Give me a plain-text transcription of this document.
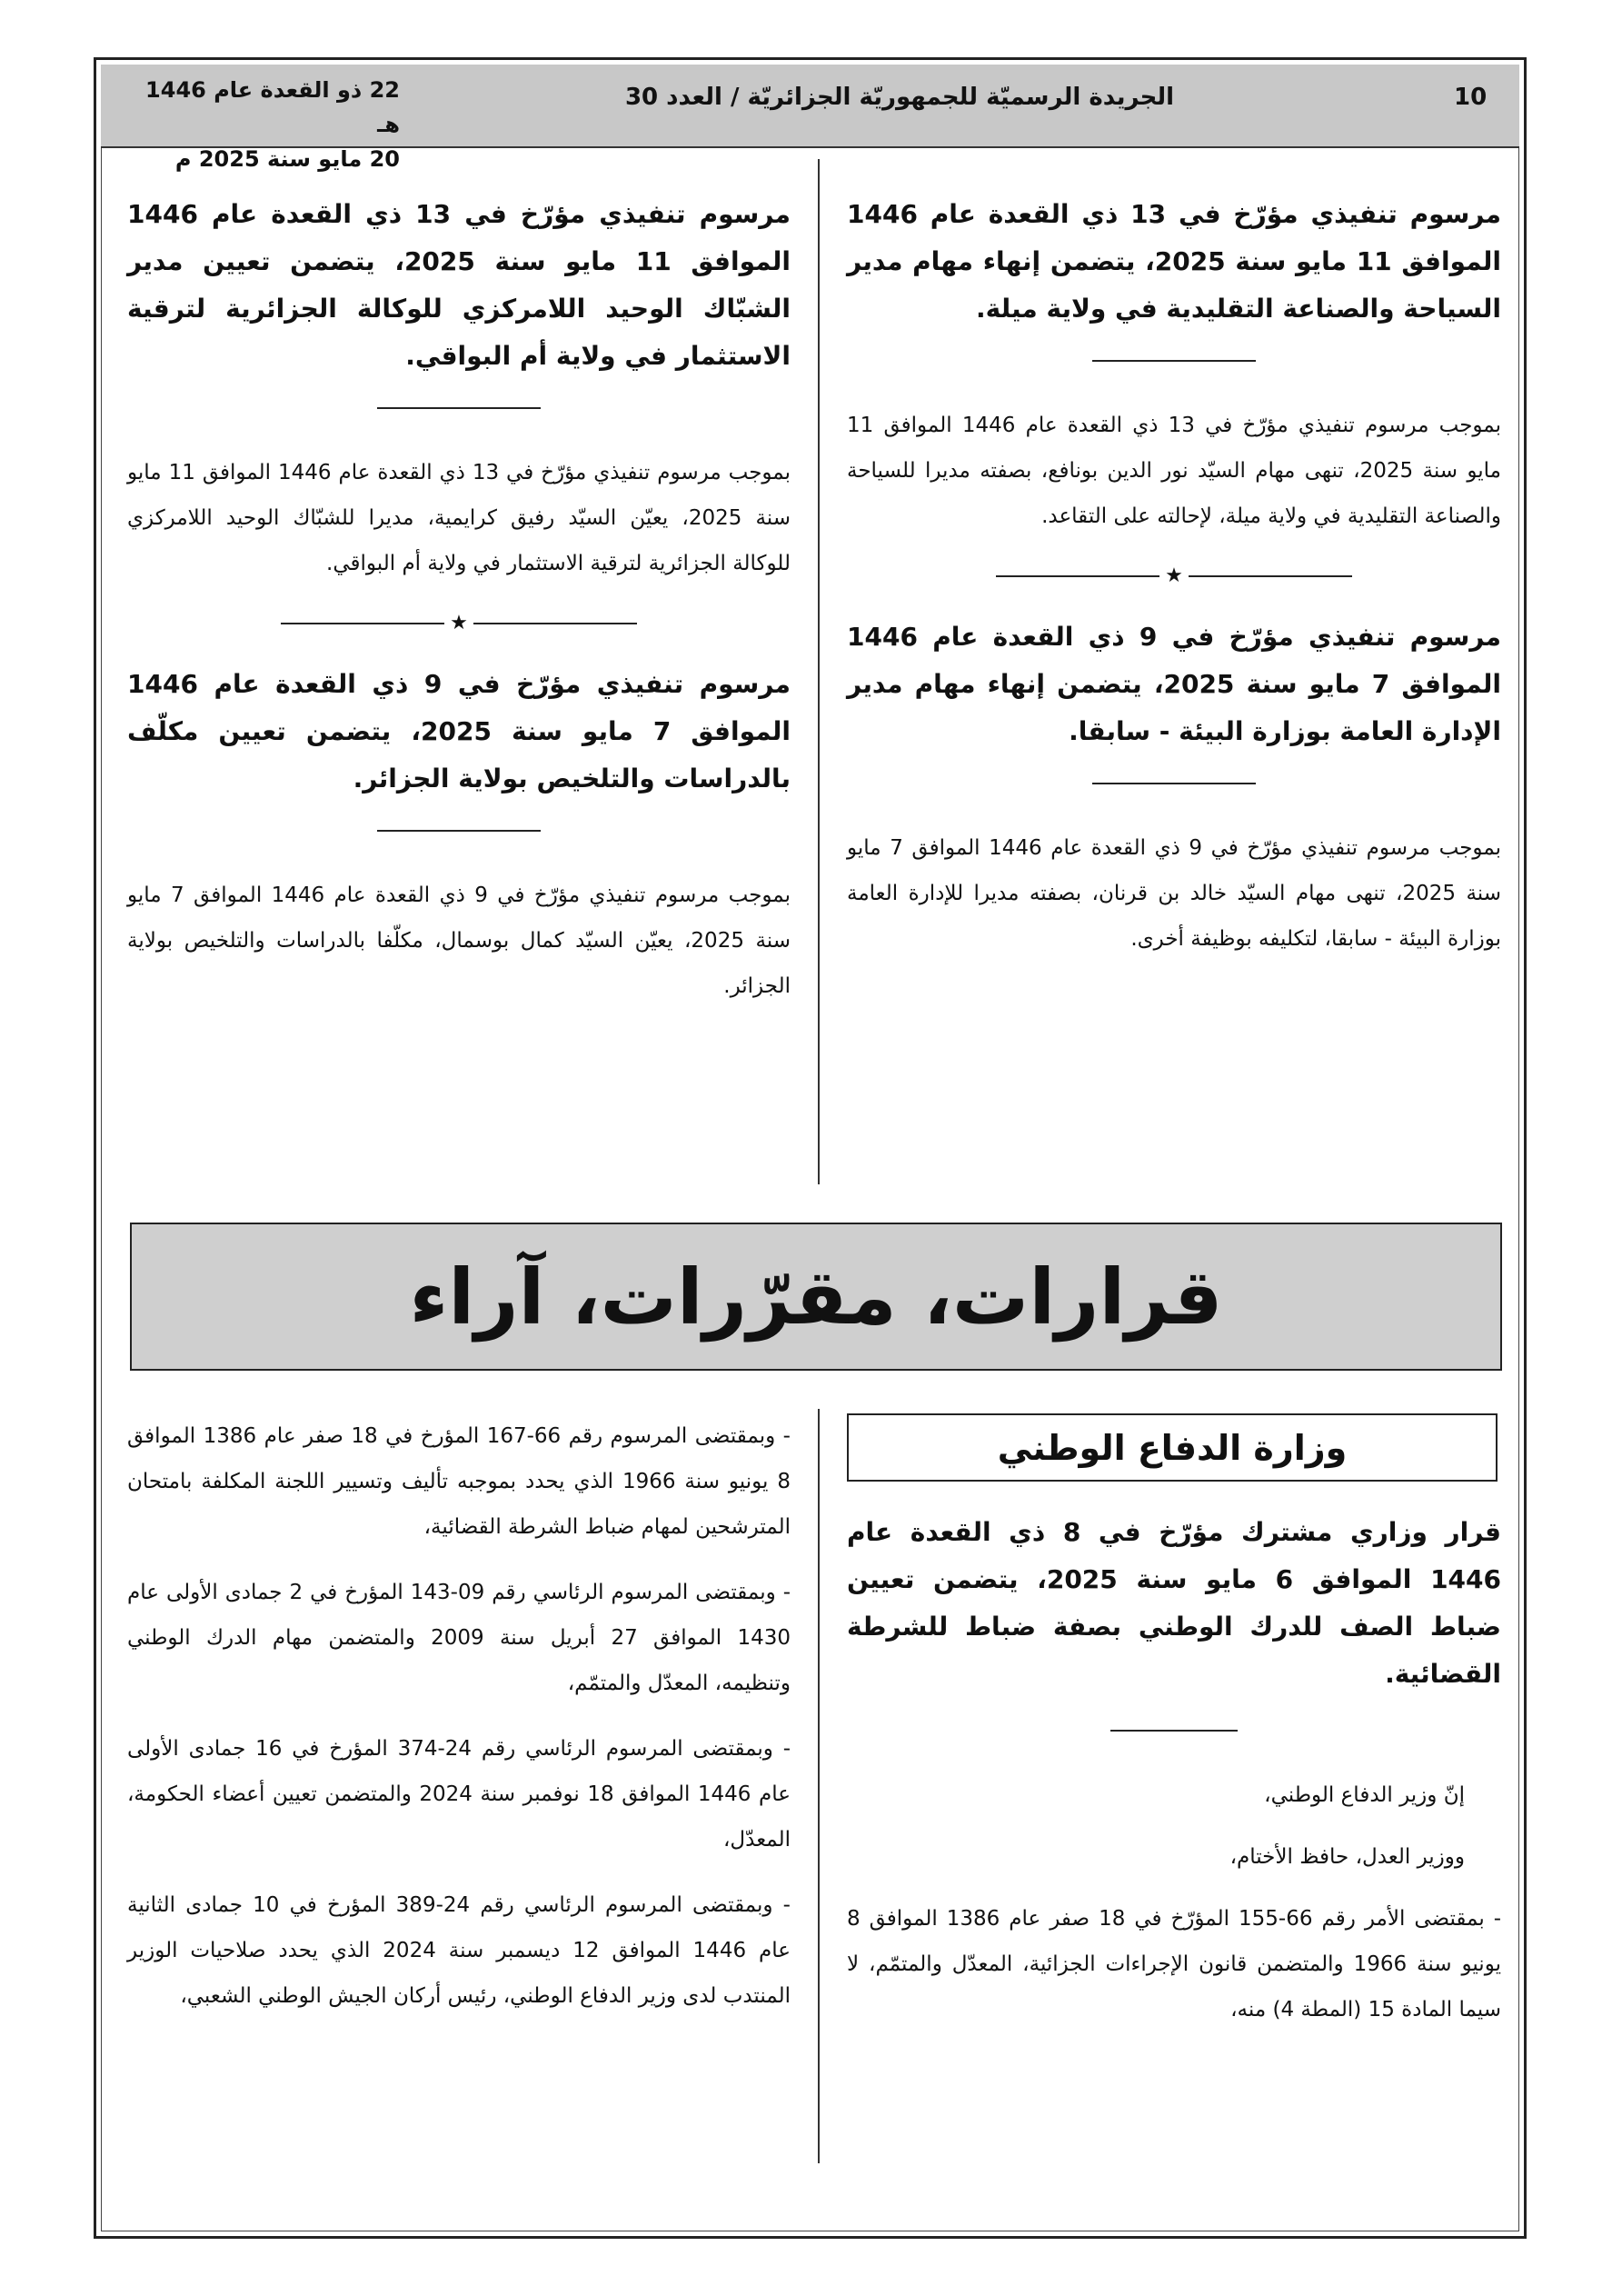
10
الجريدة الرسميّة للجمهوريّة الجزائريّة / العدد 30
22 ذو القعدة عام 1446 هـ
20 مايو سنة 2025 م

مرسوم تنفيذي مؤرّخ في 13 ذي القعدة عام 1446 الموافق 11 مايو سنة 2025، يتضمن إنهاء مهام مدير السياحة والصناعة التقليدية في ولاية ميلة.

بموجب مرسوم تنفيذي مؤرّخ في 13 ذي القعدة عام 1446 الموافق 11 مايو سنة 2025، تنهى مهام السيّد نور الدين بونافع، بصفته مديرا للسياحة والصناعة التقليدية في ولاية ميلة، لإحالته على التقاعد.

★

مرسوم تنفيذي مؤرّخ في 9 ذي القعدة عام 1446 الموافق 7 مايو سنة 2025، يتضمن إنهاء مهام مدير الإدارة العامة بوزارة البيئة - سابقا.

بموجب مرسوم تنفيذي مؤرّخ في 9 ذي القعدة عام 1446 الموافق 7 مايو سنة 2025، تنهى مهام السيّد خالد بن قرنان، بصفته مديرا للإدارة العامة بوزارة البيئة - سابقا، لتكليفه بوظيفة أخرى.

مرسوم تنفيذي مؤرّخ في 13 ذي القعدة عام 1446 الموافق 11 مايو سنة 2025، يتضمن تعيين مدير الشبّاك الوحيد اللامركزي للوكالة الجزائرية لترقية الاستثمار في ولاية أم البواقي.

بموجب مرسوم تنفيذي مؤرّخ في 13 ذي القعدة عام 1446 الموافق 11 مايو سنة 2025، يعيّن السيّد رفيق كرايمية، مديرا للشبّاك الوحيد اللامركزي للوكالة الجزائرية لترقية الاستثمار في ولاية أم البواقي.

★

مرسوم تنفيذي مؤرّخ في 9 ذي القعدة عام 1446 الموافق 7 مايو سنة 2025، يتضمن تعيين مكلّف بالدراسات والتلخيص بولاية الجزائر.

بموجب مرسوم تنفيذي مؤرّخ في 9 ذي القعدة عام 1446 الموافق 7 مايو سنة 2025، يعيّن السيّد كمال بوسمال، مكلّفا بالدراسات والتلخيص بولاية الجزائر.

قرارات، مقرّرات، آراء
وزارة الدفاع الوطني

قرار وزاري مشترك مؤرّخ في 8 ذي القعدة عام 1446 الموافق 6 مايو سنة 2025، يتضمن تعيين ضباط الصف للدرك الوطني بصفة ضباط للشرطة القضائية.

إنّ وزير الدفاع الوطني،

ووزير العدل، حافظ الأختام،

- بمقتضى الأمر رقم 66-155 المؤرّخ في 18 صفر عام 1386 الموافق 8 يونيو سنة 1966 والمتضمن قانون الإجراءات الجزائية، المعدّل والمتمّم، لا سيما المادة 15 (المطة 4) منه،

- وبمقتضى المرسوم رقم 66-167 المؤرخ في 18 صفر عام 1386 الموافق 8 يونيو سنة 1966 الذي يحدد بموجبه تأليف وتسيير اللجنة المكلفة بامتحان المترشحين لمهام ضباط الشرطة القضائية،

- وبمقتضى المرسوم الرئاسي رقم 09-143 المؤرخ في 2 جمادى الأولى عام 1430 الموافق 27 أبريل سنة 2009 والمتضمن مهام الدرك الوطني وتنظيمه، المعدّل والمتمّم،

- وبمقتضى المرسوم الرئاسي رقم 24-374 المؤرخ في 16 جمادى الأولى عام 1446 الموافق 18 نوفمبر سنة 2024 والمتضمن تعيين أعضاء الحكومة، المعدّل،

- وبمقتضى المرسوم الرئاسي رقم 24-389 المؤرخ في 10 جمادى الثانية عام 1446 الموافق 12 ديسمبر سنة 2024 الذي يحدد صلاحيات الوزير المنتدب لدى وزير الدفاع الوطني، رئيس أركان الجيش الوطني الشعبي،
